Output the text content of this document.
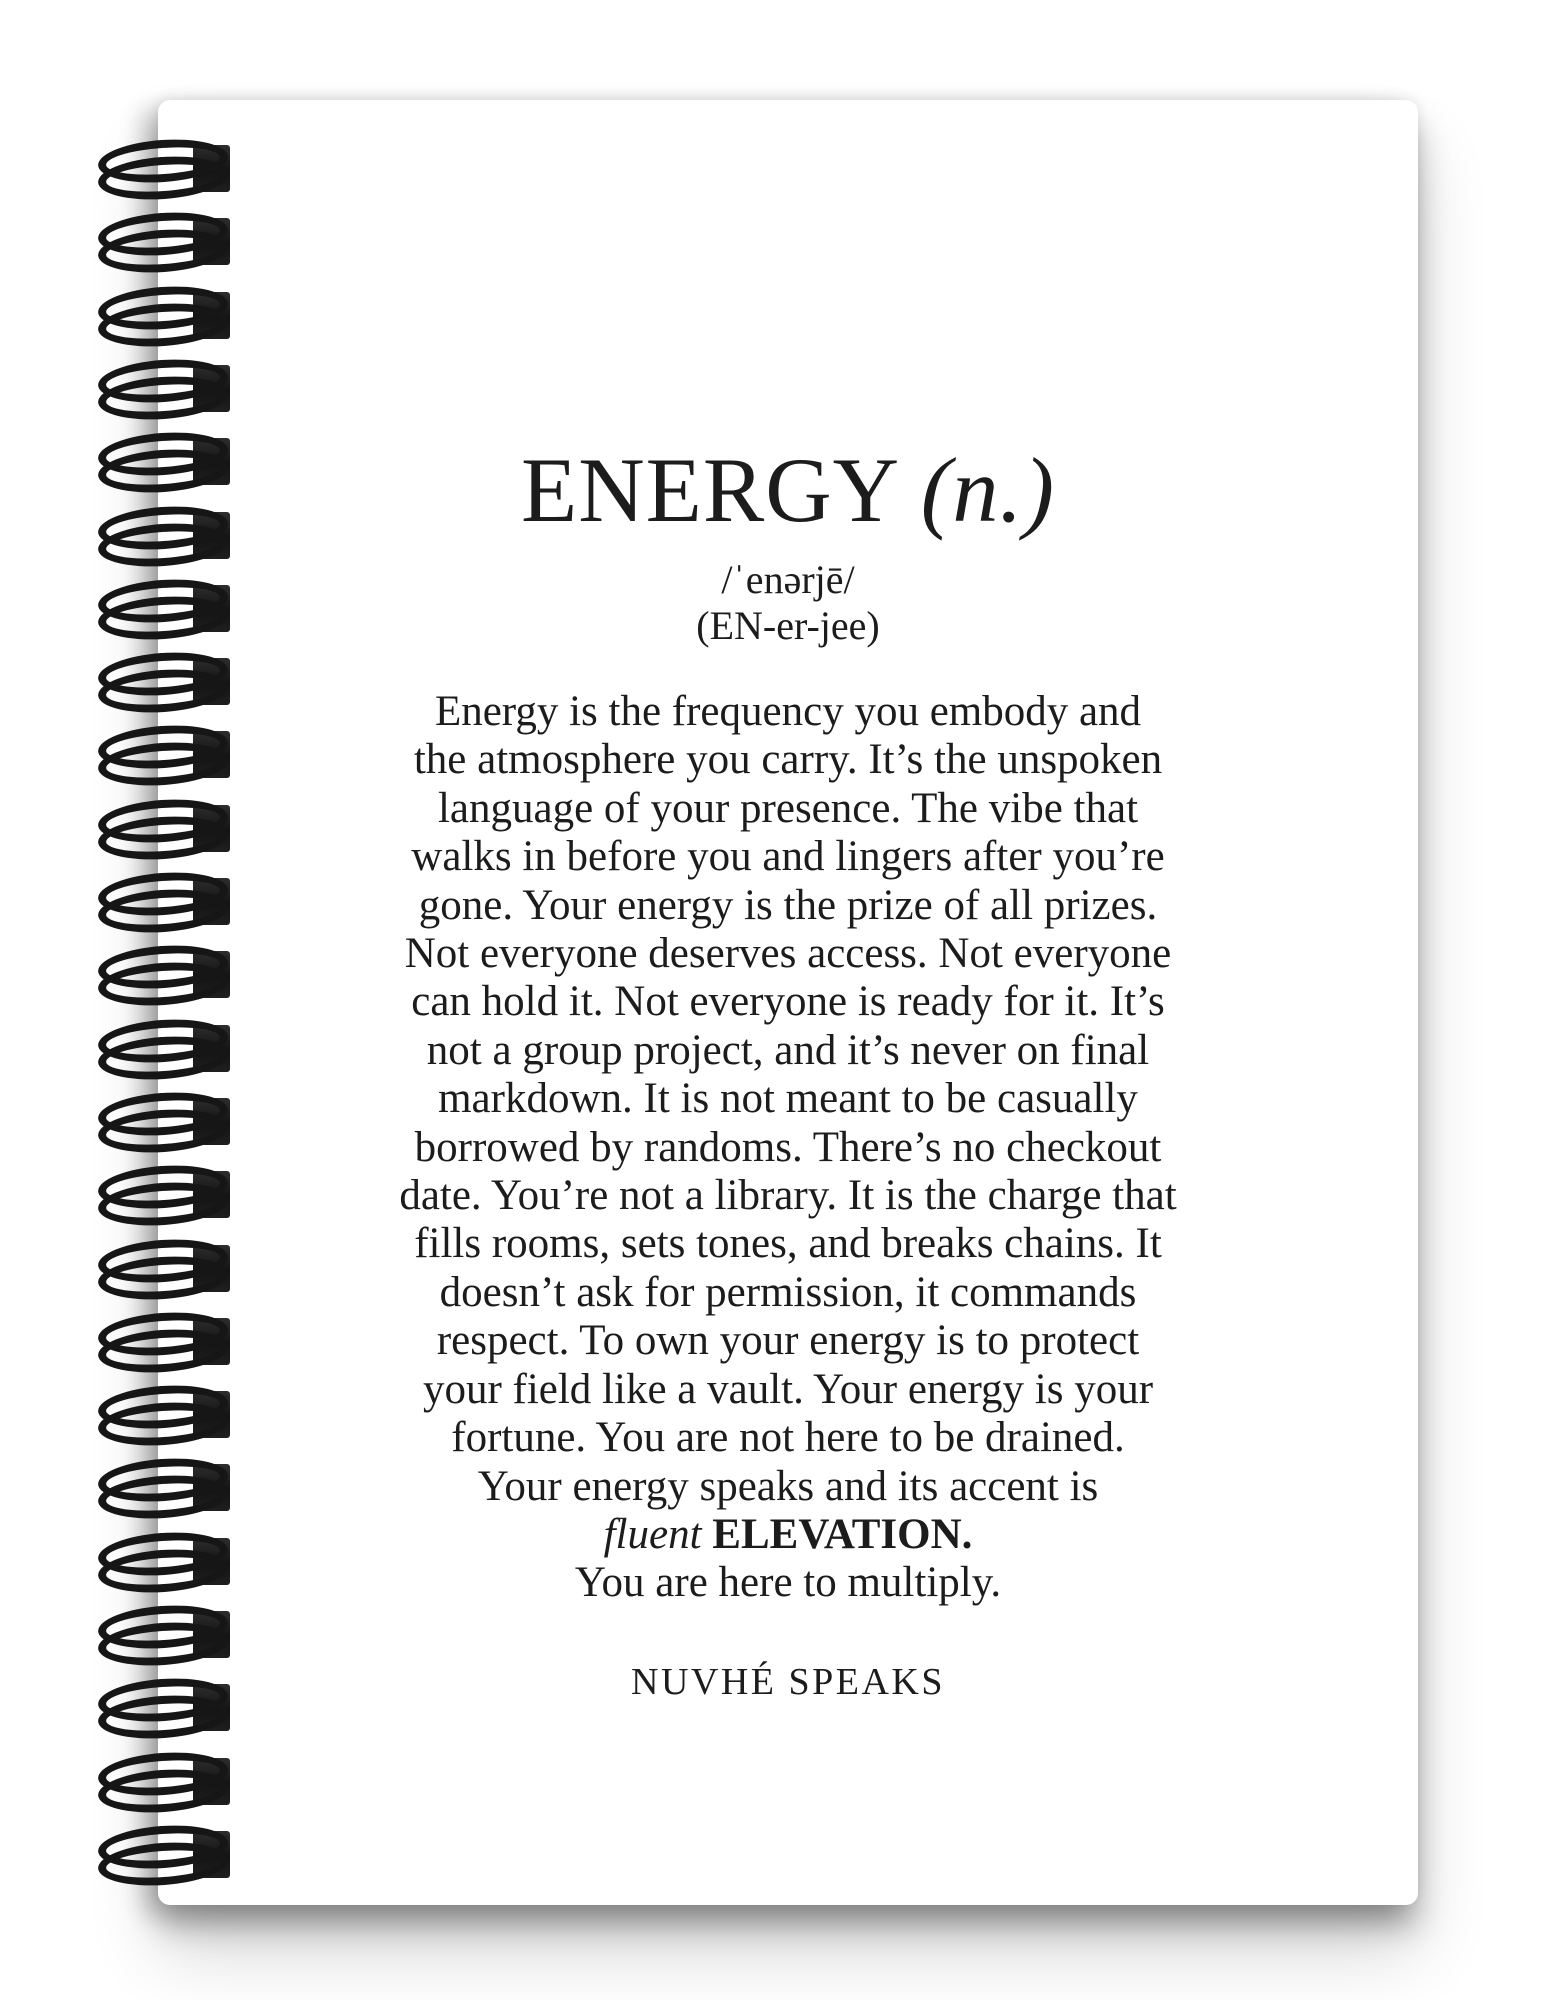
ENERGY (n.)
/ˈenərjē/
(EN-er-jee)
Energy is the frequency you embody and
the atmosphere you carry. It’s the unspoken
language of your presence. The vibe that
walks in before you and lingers after you’re
gone. Your energy is the prize of all prizes.
Not everyone deserves access. Not everyone
can hold it. Not everyone is ready for it. It’s
not a group project, and it’s never on final
markdown. It is not meant to be casually
borrowed by randoms. There’s no checkout
date. You’re not a library. It is the charge that
fills rooms, sets tones, and breaks chains. It
doesn’t ask for permission, it commands
respect. To own your energy is to protect
your field like a vault. Your energy is your
fortune. You are not here to be drained.
Your energy speaks and its accent is
fluent ELEVATION.
You are here to multiply.
NUVHÉ SPEAKS
